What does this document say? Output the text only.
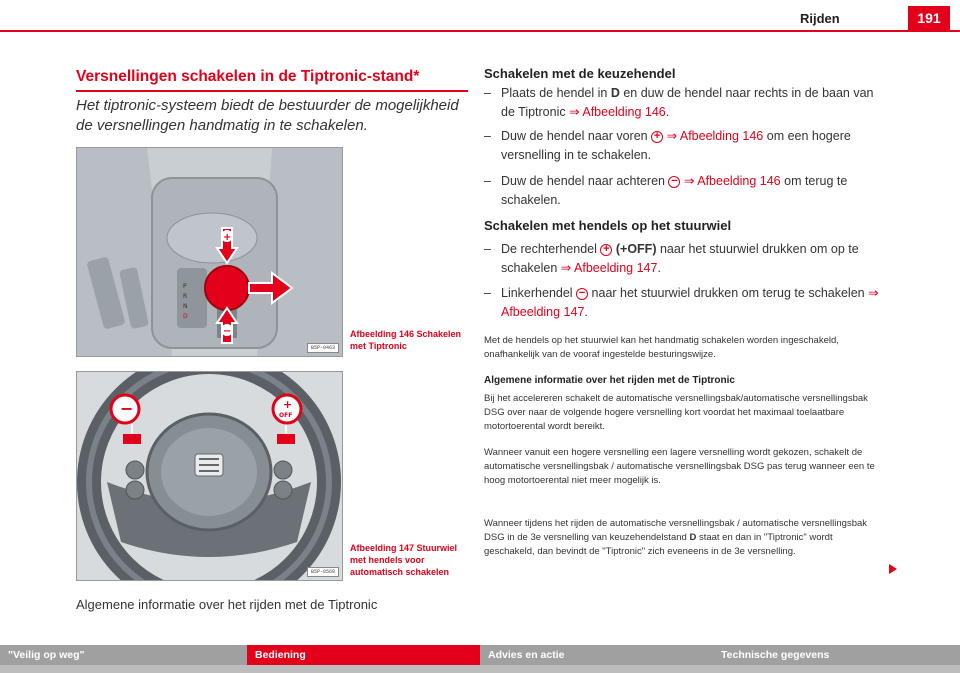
Rijden	191
Versnellingen schakelen in de Tiptronic-stand*
Het tiptronic-systeem biedt de bestuurder de mogelijkheid de versnellingen handmatig in te schakelen.
P
R
N
D
+
−
B5P-0463
Afbeelding 146 Schakelen met Tiptronic
−	+
OFF
B5P-0560
Afbeelding 147 Stuurwiel met hendels voor automatisch schakelen
Algemene informatie over het rijden met de Tiptronic
Schakelen met de keuzehendel
– Plaats de hendel in D en duw de hendel naar rechts in de baan van de Tiptronic ⇒ Afbeelding 146.
– Duw de hendel naar voren + ⇒ Afbeelding 146 om een hogere versnelling in te schakelen.
– Duw de hendel naar achteren − ⇒ Afbeelding 146 om terug te schakelen.
Schakelen met hendels op het stuurwiel
– De rechterhendel + (+OFF) naar het stuurwiel drukken om op te schakelen ⇒ Afbeelding 147.
– Linkerhendel − naar het stuurwiel drukken om terug te schakelen ⇒ Afbeelding 147.
Met de hendels op het stuurwiel kan het handmatig schakelen worden ingeschakeld, onafhankelijk van de vooraf ingestelde besturingswijze.
Algemene informatie over het rijden met de Tiptronic
Bij het accelereren schakelt de automatische versnellingsbak/automatische versnellingsbak DSG over naar de volgende hogere versnelling kort voordat het maximaal toelaatbare motortoerental wordt bereikt.
Wanneer vanuit een hogere versnelling een lagere versnelling wordt gekozen, schakelt de automatische versnellingsbak / automatische versnellingsbak DSG pas terug wanneer een te hoog motortoerental niet meer mogelijk is.
Wanneer tijdens het rijden de automatische versnellingsbak / automatische versnellingsbak DSG in de 3e versnelling van keuzehendelstand D staat en dan in "Tiptronic" wordt geschakeld, dan bevindt de "Tiptronic" zich eveneens in de 3e versnelling.
"Veilig op weg"	Bediening	Advies en actie	Technische gegevens
